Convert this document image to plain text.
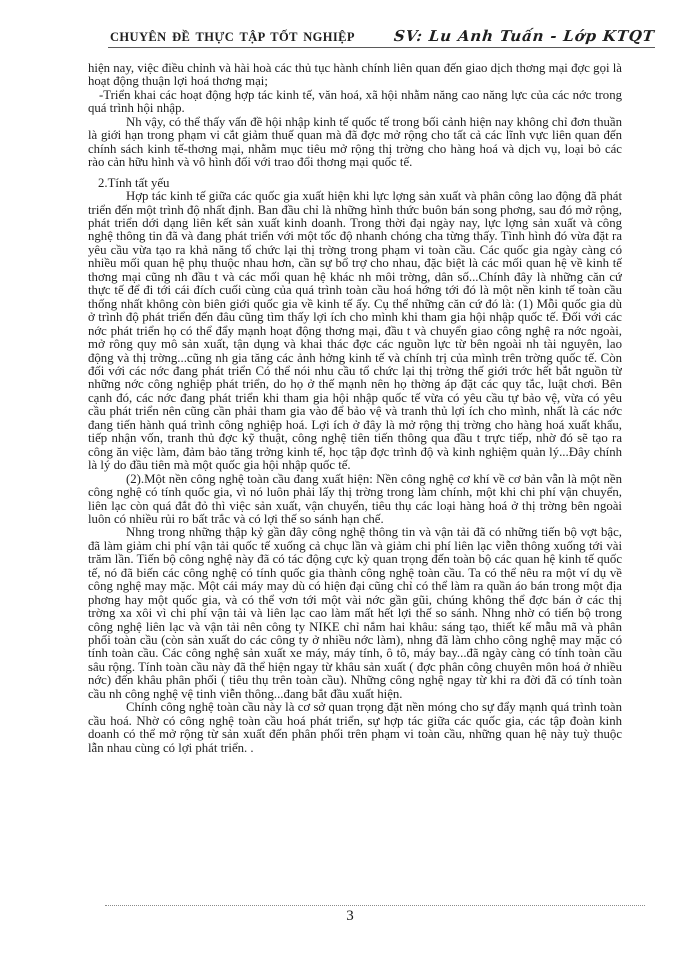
CHUYÊN ĐỀ THỰC TẬP TỐT NGHIỆP	SV: Lu Anh Tuấn - Lớp KTQT

hiện nay, việc điều chỉnh và hài hoà các thủ tục hành chính liên quan đến giao dịch thơng mại đợc gọi là hoạt động thuận lợi hoá thơng mại;

-Triển khai các hoạt động hợp tác kinh tế, văn hoá, xã hội nhằm năng cao năng lực của các nớc trong quá trình hội nhập.

Nh vậy, có thể thấy vấn đề hội nhập kinh tế quốc tế trong bối cảnh hiện nay không chỉ đơn thuần là giới hạn trong phạm vi cắt giảm thuế quan mà đã đợc mở rộng cho tất cả các lĩnh vực liên quan đến chính sách kinh tế-thơng mại, nhằm mục tiêu mở rộng thị trờng cho hàng hoá và dịch vụ, loại bỏ các rào cản hữu hình và vô hình đối với trao đổi thơng mại quốc tế.

2.Tính tất yếu

Hợp tác kinh tế giữa các quốc gia xuất hiện khi lực lợng sản xuất và phân công lao động đã phát triển đến một trình độ nhất định. Ban đầu chỉ là những hình thức buôn bán song phơng, sau đó mở rộng, phát triển dới dạng liên kết sản xuất kinh doanh. Trong thời đại ngày nay, lực lợng sản xuất và công nghệ thông tin đã và đang phát triển với một tốc độ nhanh chóng cha từng thấy. Tình hình đó vừa đặt ra yêu cầu vừa tạo ra khả năng tổ chức lại thị trờng trong phạm vi toàn cầu. Các quốc gia ngày càng có nhiều mối quan hệ phụ thuộc nhau hơn, cần sự bổ trợ cho nhau, đặc biệt là các mối quan hệ về kinh tế thơng mại cũng nh đầu t và các mối quan hệ khác nh môi trờng, dân số...Chính đây là những căn cứ thực tế để đi tới cái đích cuối cùng của quá trình toàn cầu hoá hớng tới đó là một nền kinh tế toàn cầu thống nhất không còn biên giới quốc gia về kinh tế ấy. Cụ thể những căn cứ đó là: (1) Mỗi quốc gia dù ở trình độ phát triển đến đâu cũng tìm thấy lợi ích cho mình khi tham gia hội nhập quốc tế. Đối với các nớc phát triển họ có thể đẩy mạnh hoạt động thơng mại, đầu t và chuyển giao công nghệ ra nớc ngoài, mở rông quy mô sản xuất, tận dụng và khai thác đợc các nguồn lực từ bên ngoài nh tài nguyên, lao động và thị trờng...cũng nh gia tăng các ảnh hởng kinh tế và chính trị của mình trên trờng quốc tế. Còn đối với các nớc đang phát triển Có thể nói nhu cầu tổ chức lại thị trờng thế giới trớc hết bắt nguồn từ những nớc công nghiệp phát triển, do họ ở thế mạnh nên họ thờng áp đặt các quy tắc, luật chơi. Bên cạnh đó, các nớc đang phát triển khi tham gia hội nhập quốc tế vừa có yêu cầu tự bảo vệ, vừa có yêu cầu phát triển nên cũng cần phải tham gia vào để bảo vệ và tranh thủ lợi ích cho mình, nhất là các nớc đang tiến hành quá trình công nghiệp hoá. Lợi ích ở đây là mở rộng thị trờng cho hàng hoá xuất khẩu, tiếp nhận vốn, tranh thủ đợc kỹ thuật, công nghệ tiên tiến thông qua đầu t trực tiếp, nhờ đó sẽ tạo ra công ăn việc làm, đảm bảo tăng trởng kinh tế, học tập đợc trình độ và kinh nghiệm quản lý...Đây chính là lý do đầu tiên mà một quốc gia hội nhập quốc tế.

(2).Một nền công nghệ toàn cầu đang xuất hiện: Nền công nghệ cơ khí về cơ bản vẫn là một nền công nghệ có tính quốc gia, vì nó luôn phải lấy thị trờng trong làm chính, một khi chi phí vận chuyển, liên lạc còn quá đắt đỏ thì việc sản xuất, vận chuyển, tiêu thụ các loại hàng hoá ở thị trờng bên ngoài luôn có nhiều rủi ro bất trắc và có lợi thế so sánh hạn chế.

Nhng trong những thập kỷ gần đây công nghệ thông tin và vận tải đã có những tiến bộ vợt bậc, đã làm giảm chi phí vận tải quốc tế xuống cả chục lần và giảm chi phí liên lạc viễn thông xuống tới vài trăm lần. Tiến bộ công nghệ này đã có tác động cực kỳ quan trọng đến toàn bộ các quan hệ kinh tế quốc tế, nó đã biến các công nghệ có tính quốc gia thành công nghệ toàn cầu. Ta có thể nêu ra một ví dụ về công nghệ may mặc. Một cái máy may dù có hiện đại cũng chỉ có thể làm ra quần áo bán trong một địa phơng hay một quốc gia, và có thể vơn tới một vài nớc gần gũi, chúng không thể đợc bán ở các thị trờng xa xôi vì chi phí vận tải và liên lạc cao làm mất hết lợi thế so sánh. Nhng nhờ có tiến bộ trong công nghệ liên lạc và vận tải nên công ty NIKE chỉ nắm hai khâu: sáng tạo, thiết kế mẫu mã và phân phối toàn cầu (còn sản xuất do các công ty ở nhiều nớc làm), nhng đã làm chho công nghệ may mặc có tính toàn cầu. Các công nghệ sản xuất xe máy, máy tính, ô tô, máy bay...đã ngày càng có tính toàn cầu sâu rộng. Tính toàn cầu này đã thể hiện ngay từ khâu sản xuất ( đợc phân công chuyên môn hoá ở nhiều nớc) đến khâu phân phối ( tiêu thụ trên toàn cầu). Những công nghệ ngay từ khi ra đời đã có tính toàn cầu nh công nghệ vệ tinh viễn thông...đang bắt đầu xuất hiện.

Chính công nghệ toàn cầu này là cơ sở quan trọng đặt nền móng cho sự đẩy mạnh quá trình toàn cầu hoá. Nhờ có công nghệ toàn cầu hoá phát triển, sự hợp tác giữa các quốc gia, các tập đoàn kinh doanh có thể mở rộng từ sản xuất đến phân phối trên phạm vi toàn cầu, những quan hệ này tuỳ thuộc lẫn nhau cùng có lợi phát triển. .

3
